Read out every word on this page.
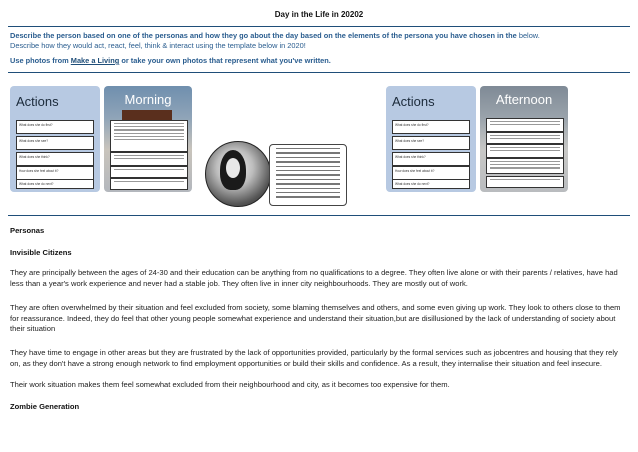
Day in the Life in 20202
Describe the person based on one of the personas and how they go about the day based on the elements of the persona you have chosen in the below.
Describe how they would act, react, feel, think & interact using the template below in 2020!
Use photos from Make a Living or take your own photos that represent what you've written.
Actions
What does she do first?
What does she see?
What does she think?
How does she feel about it?
What does she do next?
Morning	Actions
What does she do first?
What does she see?
What does she think?
How does she feel about it?
What does she do next?
Afternoon
Personas
Invisible Citizens
They are principally between the ages of 24-30 and their education can be anything from no qualifications to a degree. They often live alone or with their parents / relatives, have had less than a year's work experience and never had a stable job. They often live in inner city neighbourhoods. They are mostly out of work.
They are often overwhelmed by their situation and feel excluded from society, some blaming themselves and others, and some even giving up work. They look to others close to them for reassurance. Indeed, they do feel that other young people somewhat experience and understand their situation,but are disillusioned by the lack of understanding of society about their situation
They have time to engage in other areas but they are frustrated by the lack of opportunities provided, particularly by the formal services such as jobcentres and housing that they rely on, as they don't have a strong enough network to find employment opportunities or build their skills and confidence. As a result, they internalise their situation and feel insecure.
Their work situation makes them feel somewhat excluded from their neighbourhood and city, as it becomes too expensive for them.
Zombie Generation
